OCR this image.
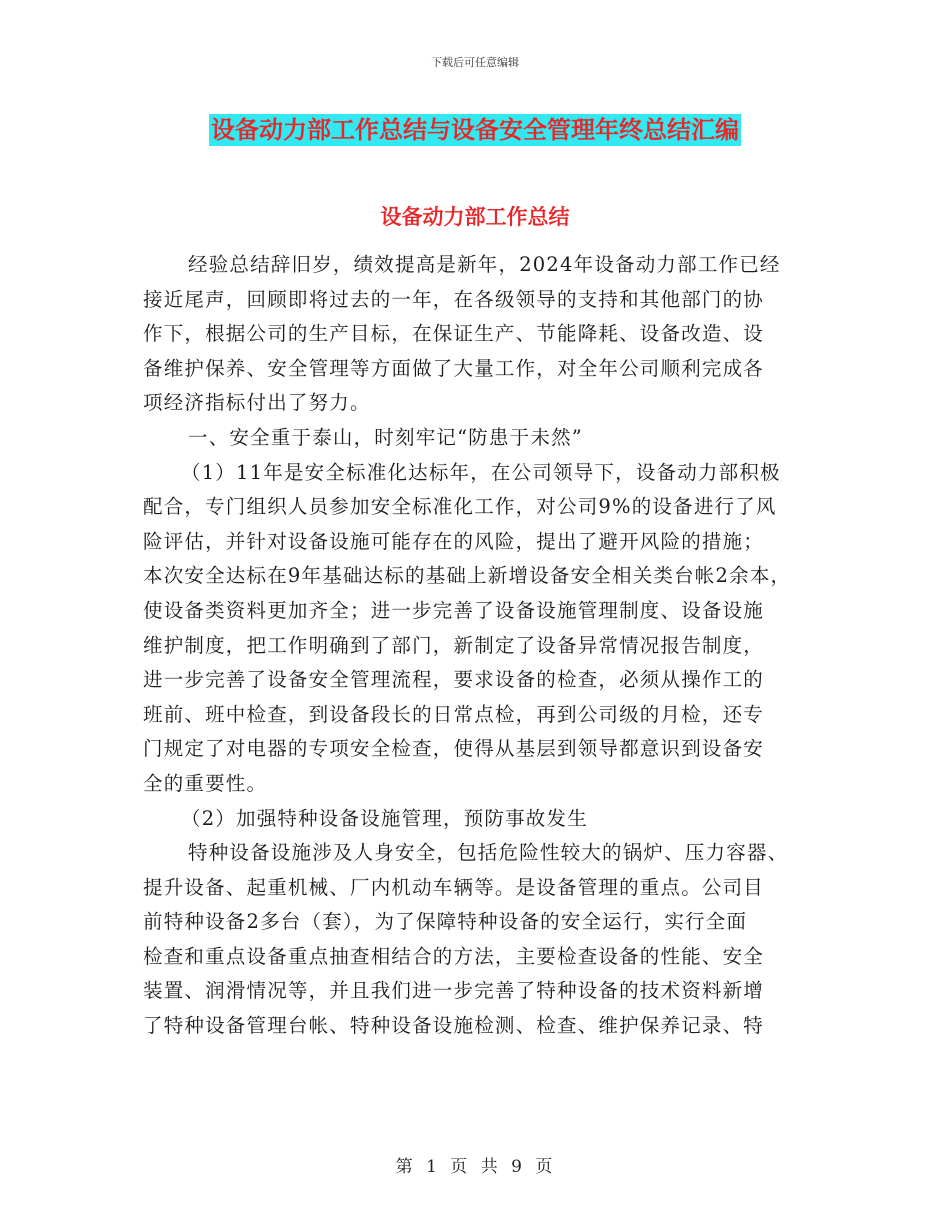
下载后可任意编辑
设备动力部工作总结与设备安全管理年终总结汇编
设备动力部工作总结
经验总结辞旧岁，绩效提高是新年，2024年设备动力部工作已经
接近尾声，回顾即将过去的一年，在各级领导的支持和其他部门的协
作下，根据公司的生产目标，在保证生产、节能降耗、设备改造、设
备维护保养、安全管理等方面做了大量工作，对全年公司顺利完成各
项经济指标付出了努力。
一、安全重于泰山，时刻牢记“防患于未然”
（1）11年是安全标准化达标年，在公司领导下，设备动力部积极
配合，专门组织人员参加安全标准化工作，对公司9%的设备进行了风
险评估，并针对设备设施可能存在的风险，提出了避开风险的措施；
本次安全达标在9年基础达标的基础上新增设备安全相关类台帐2余本，
使设备类资料更加齐全；进一步完善了设备设施管理制度、设备设施
维护制度，把工作明确到了部门，新制定了设备异常情况报告制度，
进一步完善了设备安全管理流程，要求设备的检查，必须从操作工的
班前、班中检查，到设备段长的日常点检，再到公司级的月检，还专
门规定了对电器的专项安全检查，使得从基层到领导都意识到设备安
全的重要性。
（2）加强特种设备设施管理，预防事故发生
特种设备设施涉及人身安全，包括危险性较大的锅炉、压力容器、
提升设备、起重机械、厂内机动车辆等。是设备管理的重点。公司目
前特种设备2多台（套），为了保障特种设备的安全运行，实行全面
检查和重点设备重点抽查相结合的方法，主要检查设备的性能、安全
装置、润滑情况等，并且我们进一步完善了特种设备的技术资料新增
了特种设备管理台帐、特种设备设施检测、检查、维护保养记录、特
第 1 页 共 9 页
